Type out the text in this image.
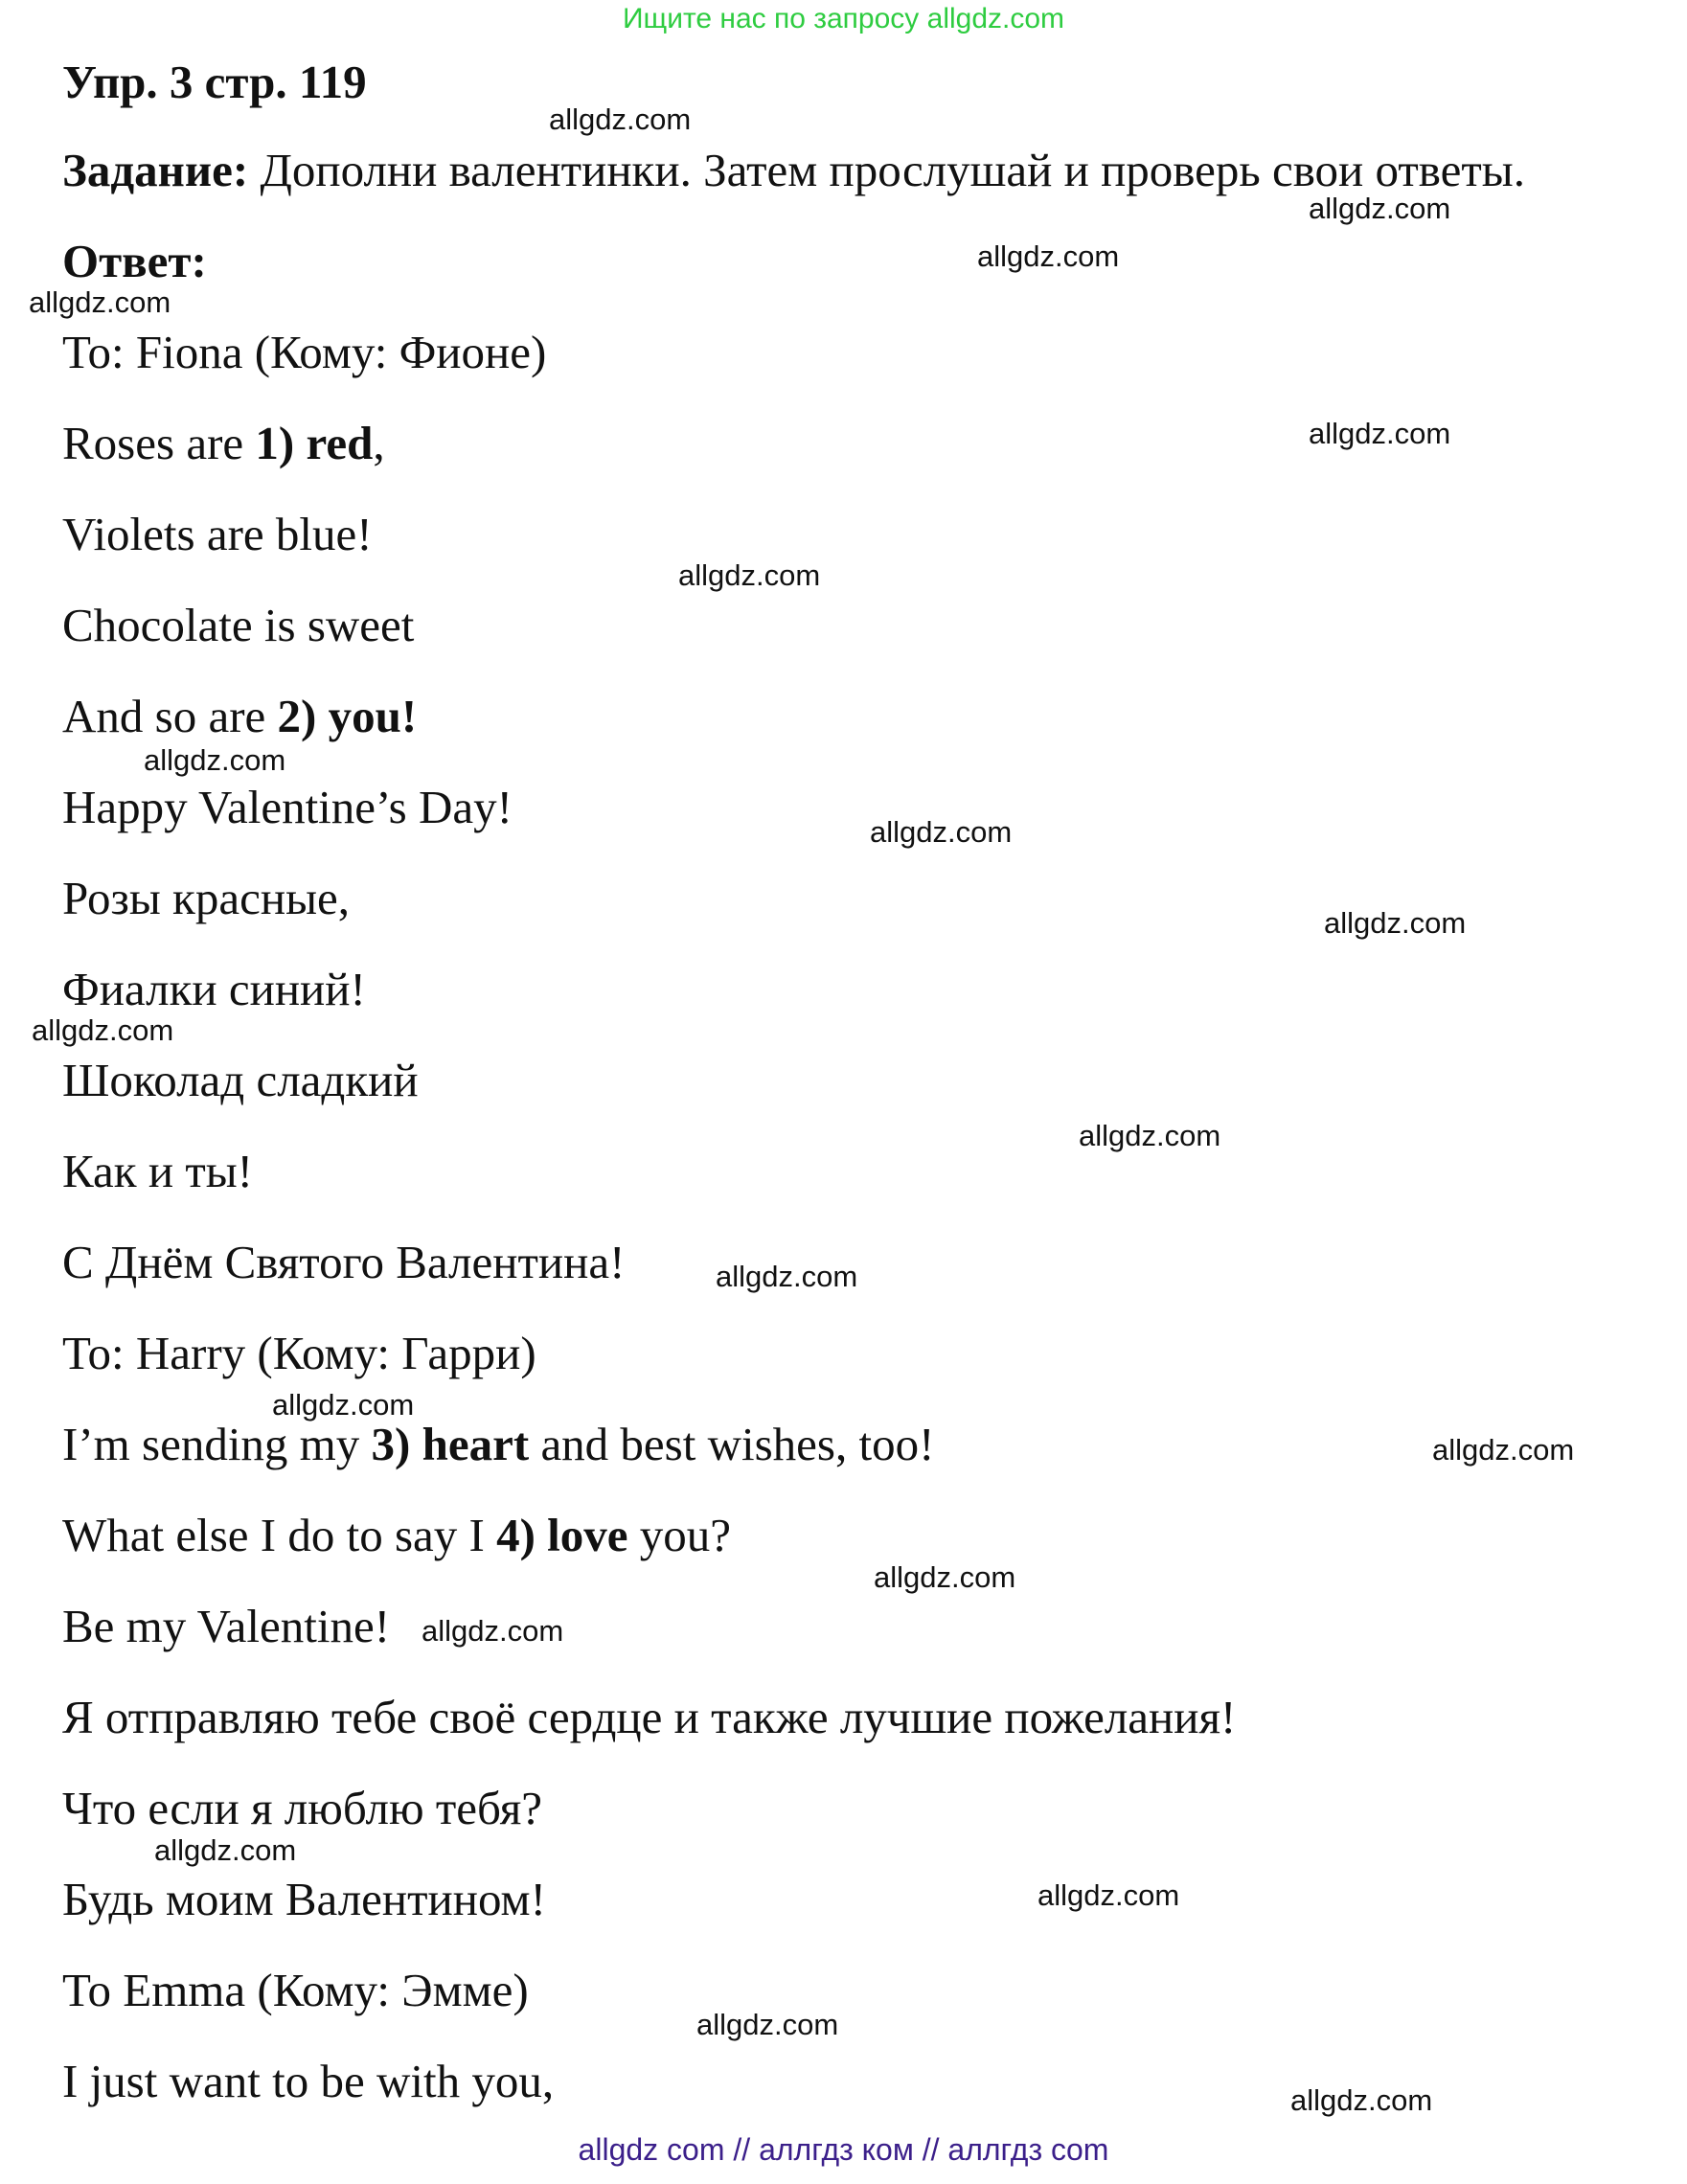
Ищите нас по запросу allgdz.com
Упр. 3 стр. 119
Задание: Дополни валентинки. Затем прослушай и проверь свои ответы.
Ответ:
To: Fiona (Кому: Фионе)
Roses are 1) red,
Violets are blue!
Chocolate is sweet
And so are 2) you!
Happy Valentine’s Day!
Розы красные,
Фиалки синий!
Шоколад сладкий
Как и ты!
С Днём Святого Валентина!
To: Harry (Кому: Гарри)
I’m sending my 3) heart and best wishes, too!
What else I do to say I 4) love you?
Be my Valentine!
Я отправляю тебе своё сердце и также лучшие пожелания!
Что если я люблю тебя?
Будь моим Валентином!
To Emma (Кому: Эмме)
I just want to be with you,
allgdz.com
allgdz.com
allgdz.com
allgdz.com
allgdz.com
allgdz.com
allgdz.com
allgdz.com
allgdz.com
allgdz.com
allgdz.com
allgdz.com
allgdz.com
allgdz.com
allgdz.com
allgdz.com
allgdz.com
allgdz.com
allgdz.com
allgdz.com
allgdz com // аллгдз ком // аллгдз com
